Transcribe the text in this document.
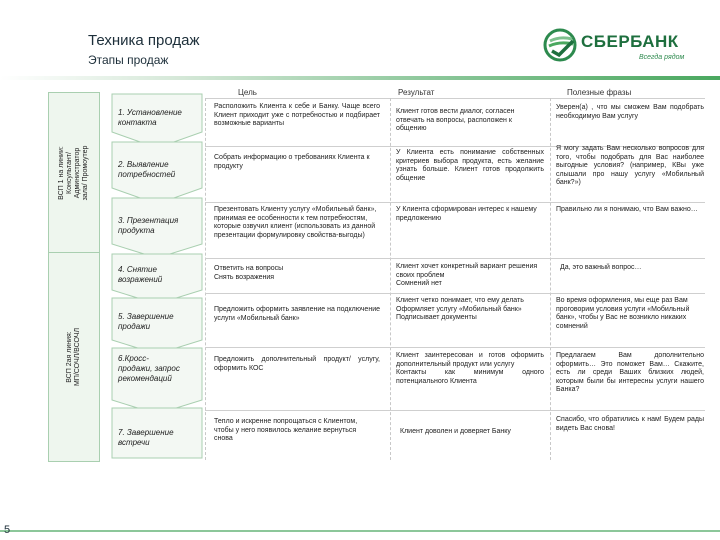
Техника продаж
Этапы продаж
СБЕРБАНК
Всегда рядом
Цель	Результат	Полезные фразы
ВСП 1 на линии:
Консультант/
Администратор
зала/ Промоутер
ВСП 2ая линия:
МП/СОЧЛ/ВСОЧЛ
1. Установление контакта
2. Выявление потребностей
3. Презентация продукта
4. Снятие возражений
5. Завершение продажи
6.Кросс-продажи, запрос рекомендаций
7. Завершение встречи
Расположить Клиента к себе и Банку. Чаще всего Клиент приходит уже с потребностью и подбирает возможные варианты
Клиент готов вести диалог, согласен отвечать на вопросы, расположен к общению
Уверен(а) , что мы сможем Вам подобрать необходимую Вам услугу
Собрать информацию о требованиях Клиента к продукту
У Клиента есть понимание собственных критериев выбора продукта, есть желание узнать больше. Клиент готов продолжить общение
Я могу задать Вам несколько вопросов для того, чтобы подобрать для Вас наиболее выгодные условия? (например, КВы уже слышали про нашу услугу «Мобильный банк?»)
Презентовать Клиенту услугу «Мобильный банк», принимая ее особенности к тем потребностям, которые озвучил клиент (использовать из данной презентации формулировку свойства-выгоды)
У Клиента сформирован интерес к нашему предложению
Правильно ли я понимаю, что Вам важно…
Ответить на вопросы
Снять возражения
Клиент хочет конкретный вариант решения своих проблем
Сомнений нет
Да, это важный вопрос…
Предложить оформить заявление на подключение услуги «Мобильный банк»
Клиент четко понимает, что ему делать
Оформляет услугу «Мобильный банк»
Подписывает документы
Во время оформления, мы еще раз Вам проговорим условия услуги «Мобильный банк», чтобы у Вас не возникло никаких сомнений
Предложить дополнительный продукт/ услугу, оформить КОС
Клиент заинтересован и готов оформить дополнительный продукт или услугу
Контакты как минимум одного потенциального Клиента
Предлагаем Вам дополнительно оформить… Это поможет Вам… Скажите, есть ли среди Ваших близких людей, которым были бы интересны услуги нашего Банка?
Тепло и искренне попрощаться с Клиентом, чтобы у него появилось желание вернуться снова
Клиент доволен и доверяет Банку
Спасибо, что обратились к нам! Будем рады видеть Вас снова!
5
